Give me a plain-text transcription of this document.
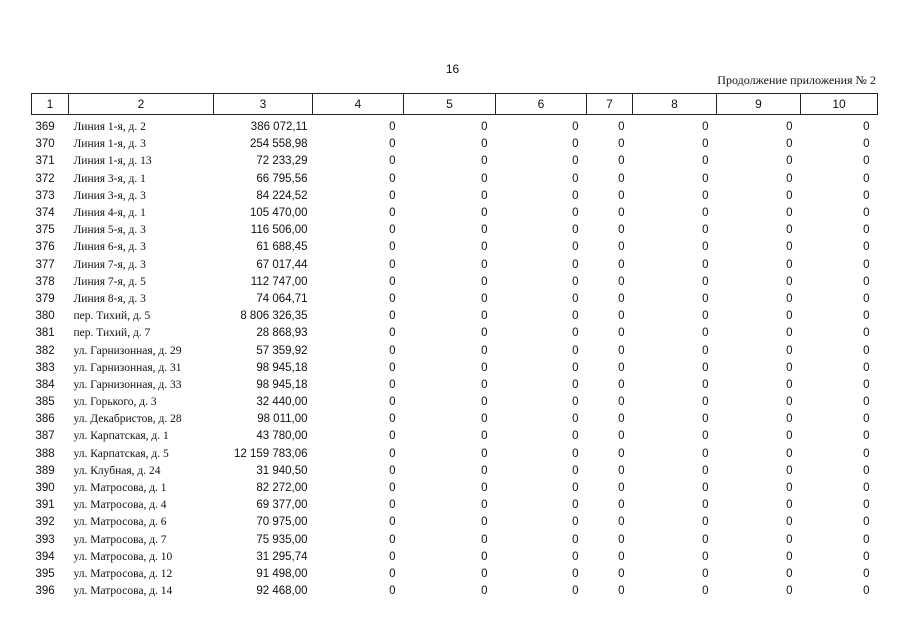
16
Продолжение приложения № 2
1	2	3	4	5	6	7	8	9	10
369	Линия 1-я, д. 2	386 072,11	0	0	0	0	0	0	0
370	Линия 1-я, д. 3	254 558,98	0	0	0	0	0	0	0
371	Линия 1-я, д. 13	72 233,29	0	0	0	0	0	0	0
372	Линия 3-я, д. 1	66 795,56	0	0	0	0	0	0	0
373	Линия 3-я, д. 3	84 224,52	0	0	0	0	0	0	0
374	Линия 4-я, д. 1	105 470,00	0	0	0	0	0	0	0
375	Линия 5-я, д. 3	116 506,00	0	0	0	0	0	0	0
376	Линия 6-я, д. 3	61 688,45	0	0	0	0	0	0	0
377	Линия 7-я, д. 3	67 017,44	0	0	0	0	0	0	0
378	Линия 7-я, д. 5	112 747,00	0	0	0	0	0	0	0
379	Линия 8-я, д. 3	74 064,71	0	0	0	0	0	0	0
380	пер. Тихий, д. 5	8 806 326,35	0	0	0	0	0	0	0
381	пер. Тихий, д. 7	28 868,93	0	0	0	0	0	0	0
382	ул. Гарнизонная, д. 29	57 359,92	0	0	0	0	0	0	0
383	ул. Гарнизонная, д. 31	98 945,18	0	0	0	0	0	0	0
384	ул. Гарнизонная, д. 33	98 945,18	0	0	0	0	0	0	0
385	ул. Горького, д. 3	32 440,00	0	0	0	0	0	0	0
386	ул. Декабристов, д. 28	98 011,00	0	0	0	0	0	0	0
387	ул. Карпатская, д. 1	43 780,00	0	0	0	0	0	0	0
388	ул. Карпатская, д. 5	12 159 783,06	0	0	0	0	0	0	0
389	ул. Клубная, д. 24	31 940,50	0	0	0	0	0	0	0
390	ул. Матросова, д. 1	82 272,00	0	0	0	0	0	0	0
391	ул. Матросова, д. 4	69 377,00	0	0	0	0	0	0	0
392	ул. Матросова, д. 6	70 975,00	0	0	0	0	0	0	0
393	ул. Матросова, д. 7	75 935,00	0	0	0	0	0	0	0
394	ул. Матросова, д. 10	31 295,74	0	0	0	0	0	0	0
395	ул. Матросова, д. 12	91 498,00	0	0	0	0	0	0	0
396	ул. Матросова, д. 14	92 468,00	0	0	0	0	0	0	0
